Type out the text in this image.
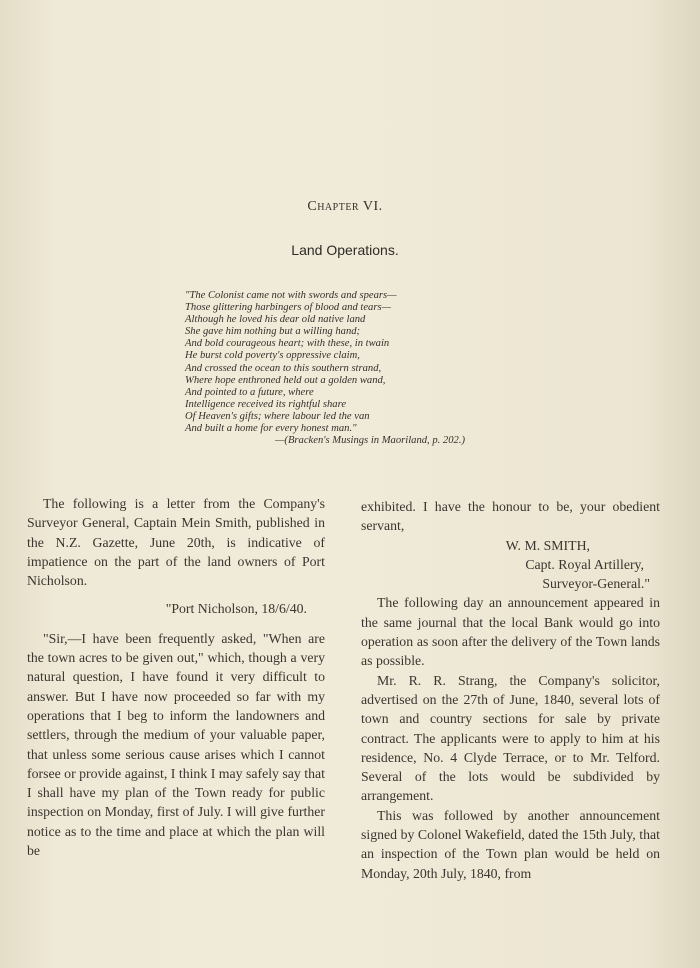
Chapter VI.
Land Operations.
"The Colonist came not with swords and spears—
Those glittering harbingers of blood and tears—
Although he loved his dear old native land
She gave him nothing but a willing hand;
And bold courageous heart; with these, in twain
He burst cold poverty's oppressive claim,
And crossed the ocean to this southern strand,
Where hope enthroned held out a golden wand,
And pointed to a future, where
Intelligence received its rightful share
Of Heaven's gifts; where labour led the van
And built a home for every honest man."
—(Bracken's Musings in Maoriland, p. 202.)

The following is a letter from the Company's Surveyor General, Captain Mein Smith, published in the N.Z. Gazette, June 20th, is indicative of impatience on the part of the land owners of Port Nicholson.

"Port Nicholson, 18/6/40.

"Sir,—I have been frequently asked, "When are the town acres to be given out," which, though a very natural question, I have found it very difficult to answer. But I have now proceeded so far with my operations that I beg to inform the landowners and settlers, through the medium of your valuable paper, that unless some serious cause arises which I cannot forsee or provide against, I think I may safely say that I shall have my plan of the Town ready for public inspection on Monday, first of July. I will give further notice as to the time and place at which the plan will be

exhibited. I have the honour to be, your obedient servant,

W. M. SMITH,
Capt. Royal Artillery,
Surveyor-General."

The following day an announcement appeared in the same journal that the local Bank would go into operation as soon after the delivery of the Town lands as possible.

Mr. R. R. Strang, the Company's solicitor, advertised on the 27th of June, 1840, several lots of town and country sections for sale by private contract. The applicants were to apply to him at his residence, No. 4 Clyde Terrace, or to Mr. Telford. Several of the lots would be subdivided by arrangement.

This was followed by another announcement signed by Colonel Wakefield, dated the 15th July, that an inspection of the Town plan would be held on Monday, 20th July, 1840, from
